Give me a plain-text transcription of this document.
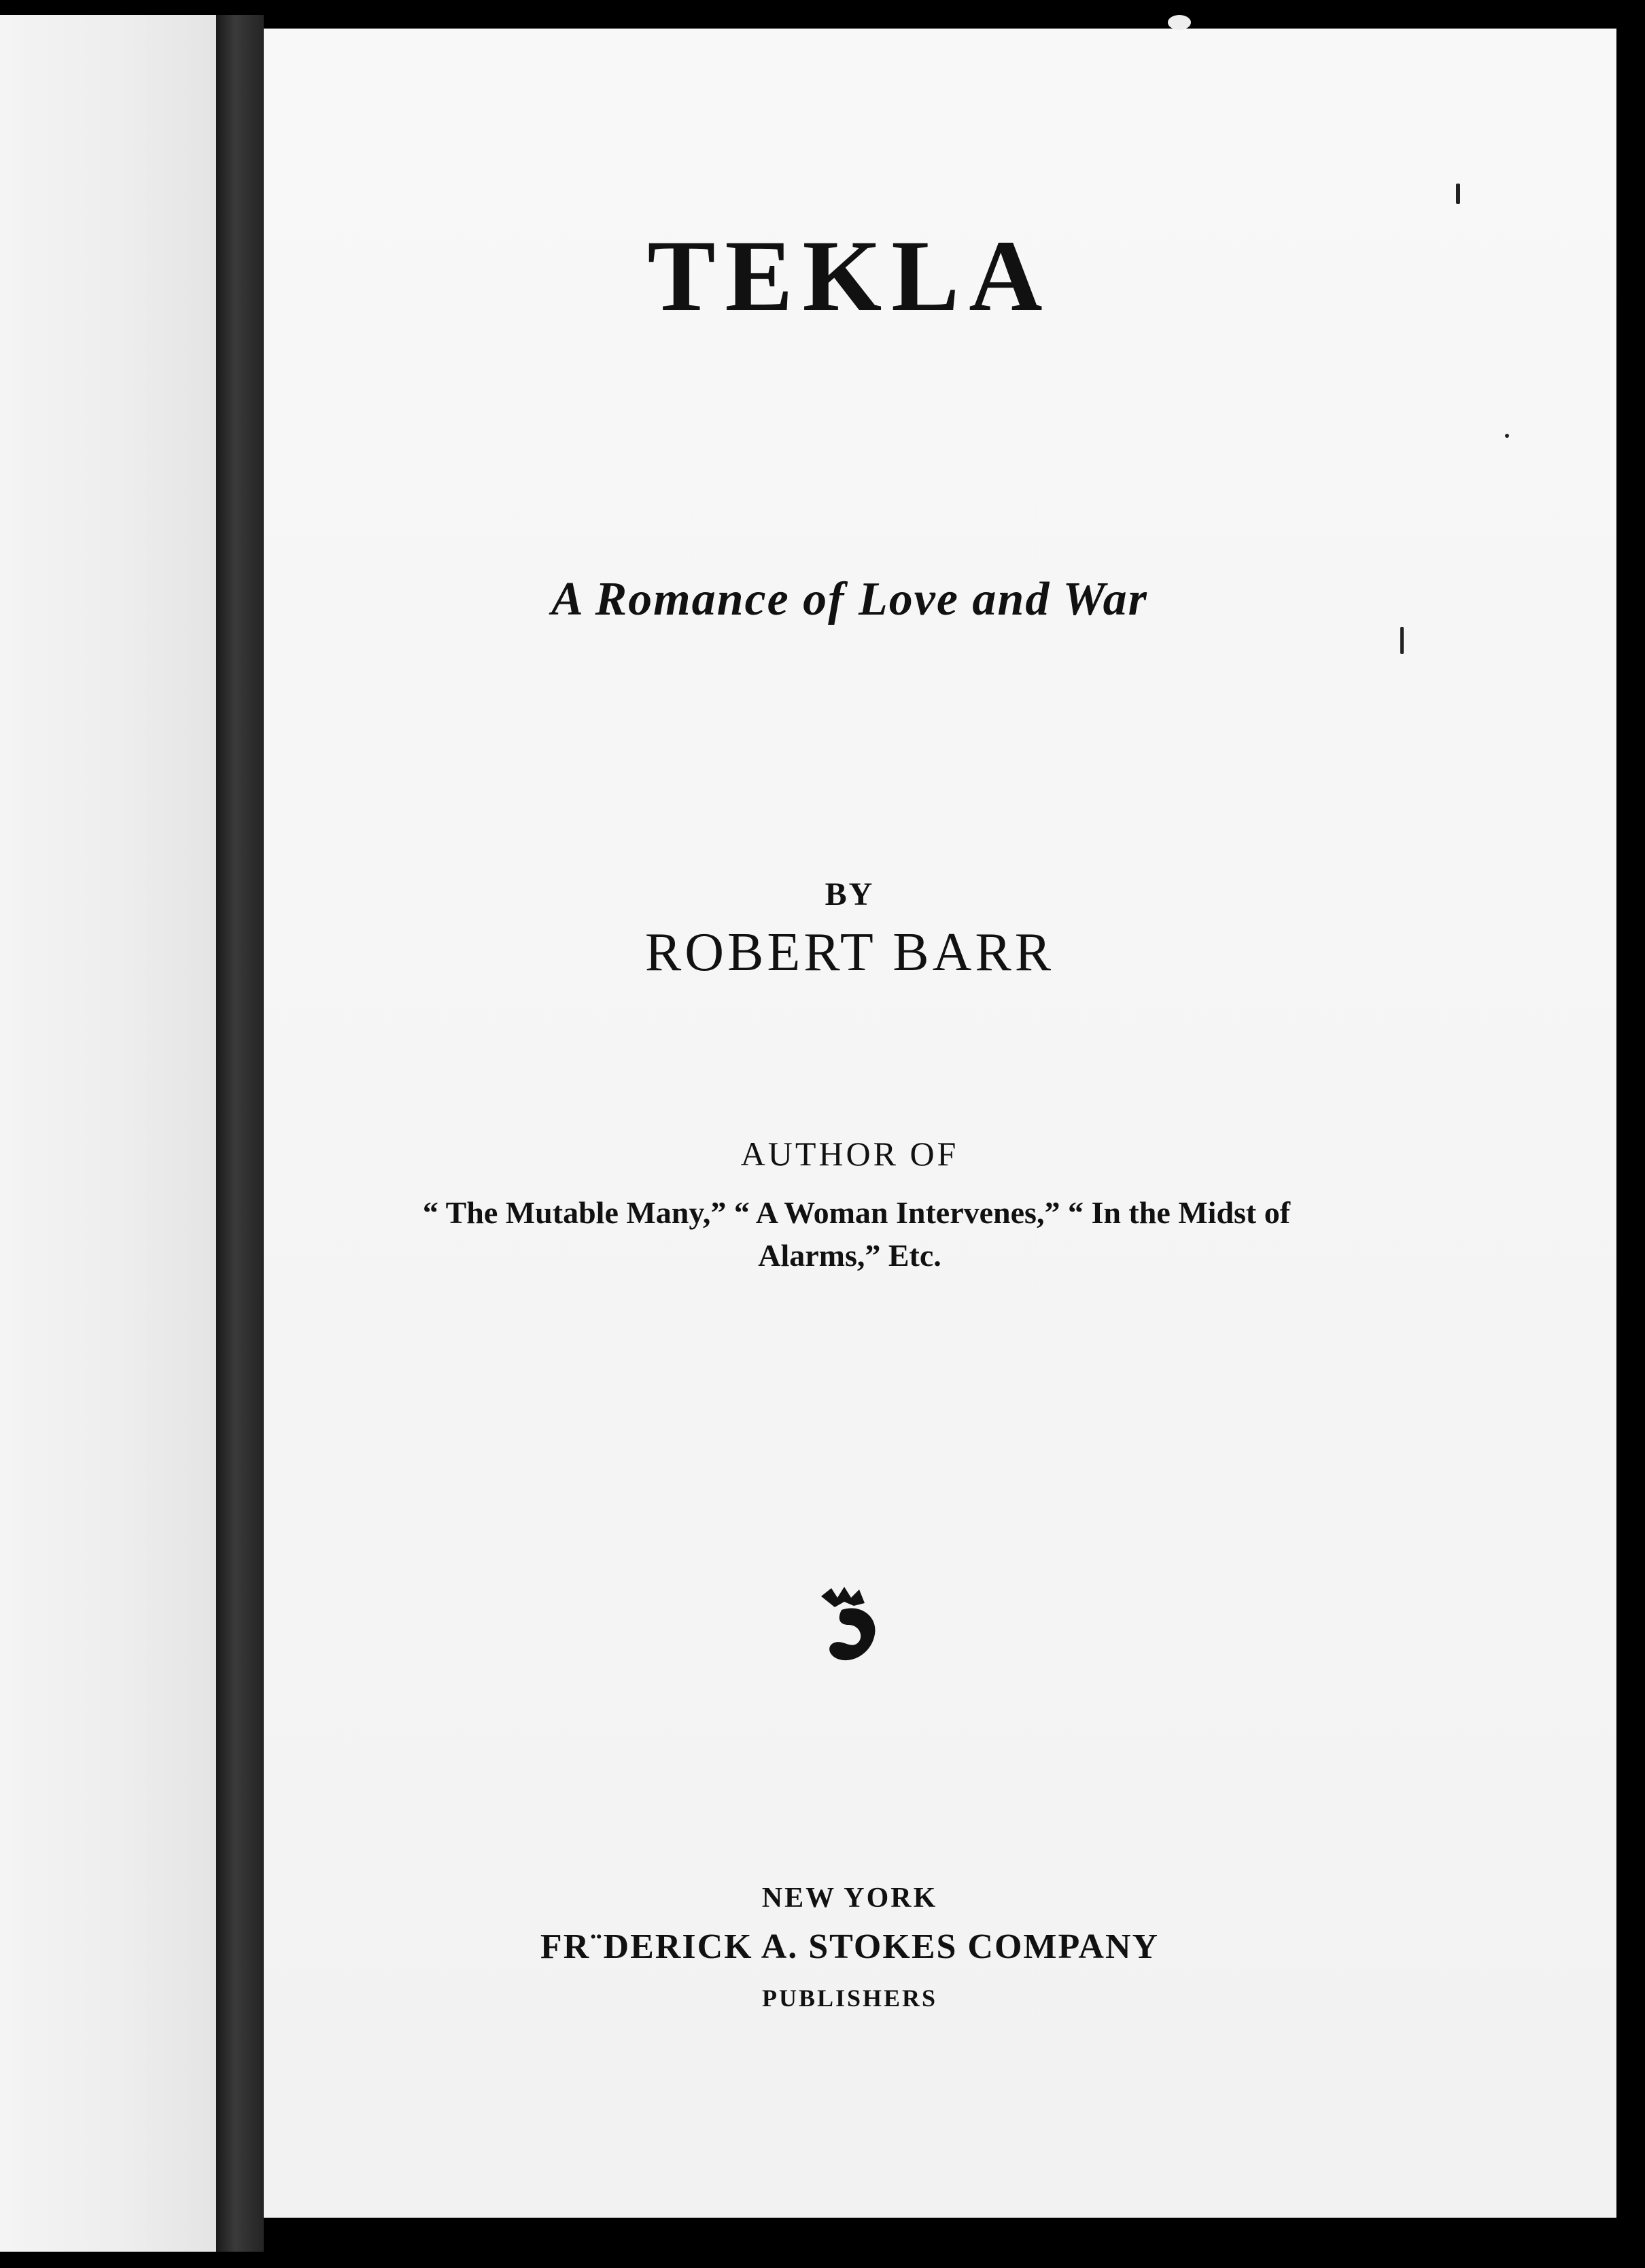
TEKLA
A Romance of Love and War
BY
ROBERT BARR
AUTHOR OF
“ The Mutable Many,” “ A Woman Intervenes,” “ In the Midst of
Alarms,” Etc.
NEW YORK
FR¨DERICK A. STOKES COMPANY
PUBLISHERS
